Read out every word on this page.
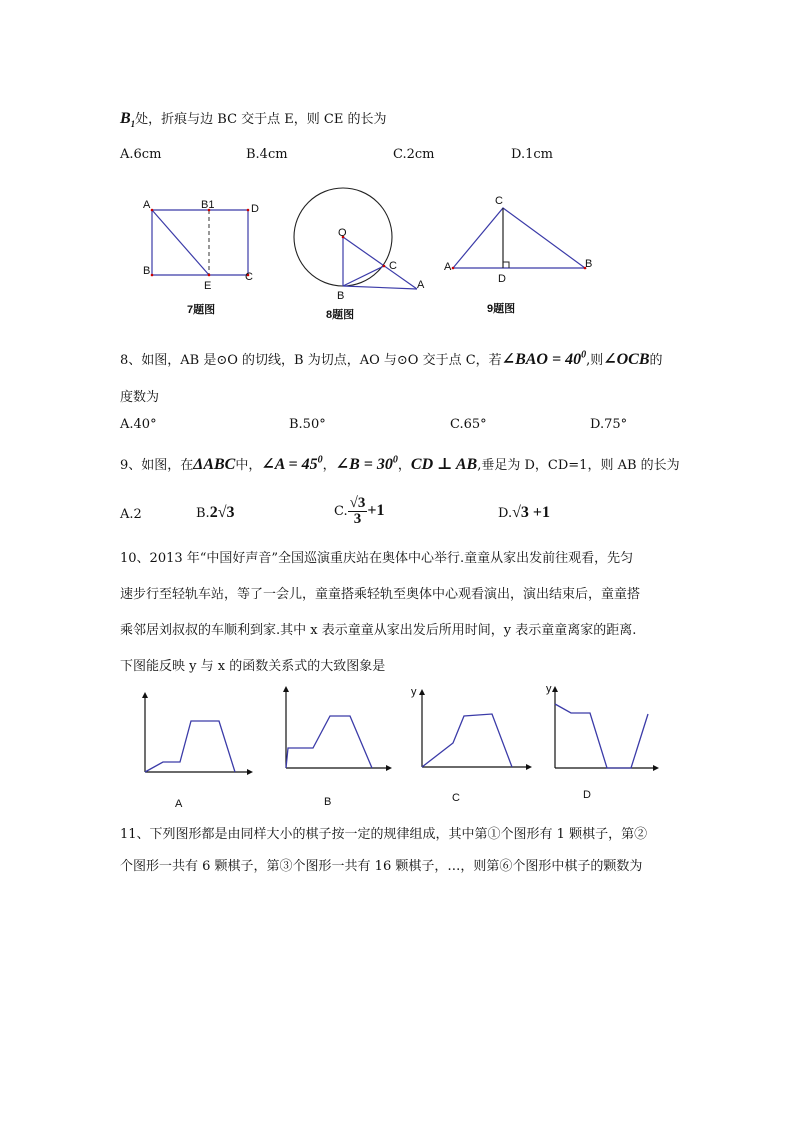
$B_1$处，折痕与边 BC 交于点 E，则 CE 的长为
A.6cm	B.4cm	C.2cm	D.1cm
A	B1	D
B
E
C
7题图
O
C
A
B
8题图
C
A
D
B
9题图
8、如图，AB 是⊙O 的切线，B 为切点，AO 与⊙O 交于点 C，若∠BAO = $40^0$,则∠OCB的
度数为
A.40°	B.50°	C.65°	D.75°
9、如图，在ΔABC中，∠A = $45^0$，∠B = $30^0$，CD ⊥ AB,垂足为 D，CD=1，则 AB 的长为
A.2	B.2√3	C. $\frac{√3}{3} +1$	D.√3 +1
10、2013 年“中国好声音”全国巡演重庆站在奥体中心举行.童童从家出发前往观看，先匀
速步行至轻轨车站，等了一会儿，童童搭乘轻轨至奥体中心观看演出，演出结束后，童童搭
乘邻居刘叔叔的车顺利到家.其中 x 表示童童从家出发后所用时间，y 表示童童离家的距离.
下图能反映 y 与 x 的函数关系式的大致图象是
A	B
y
C
y
D
11、下列图形都是由同样大小的棋子按一定的规律组成，其中第①个图形有 1 颗棋子，第②
个图形一共有 6 颗棋子，第③个图形一共有 16 颗棋子，…，则第⑥个图形中棋子的颗数为
